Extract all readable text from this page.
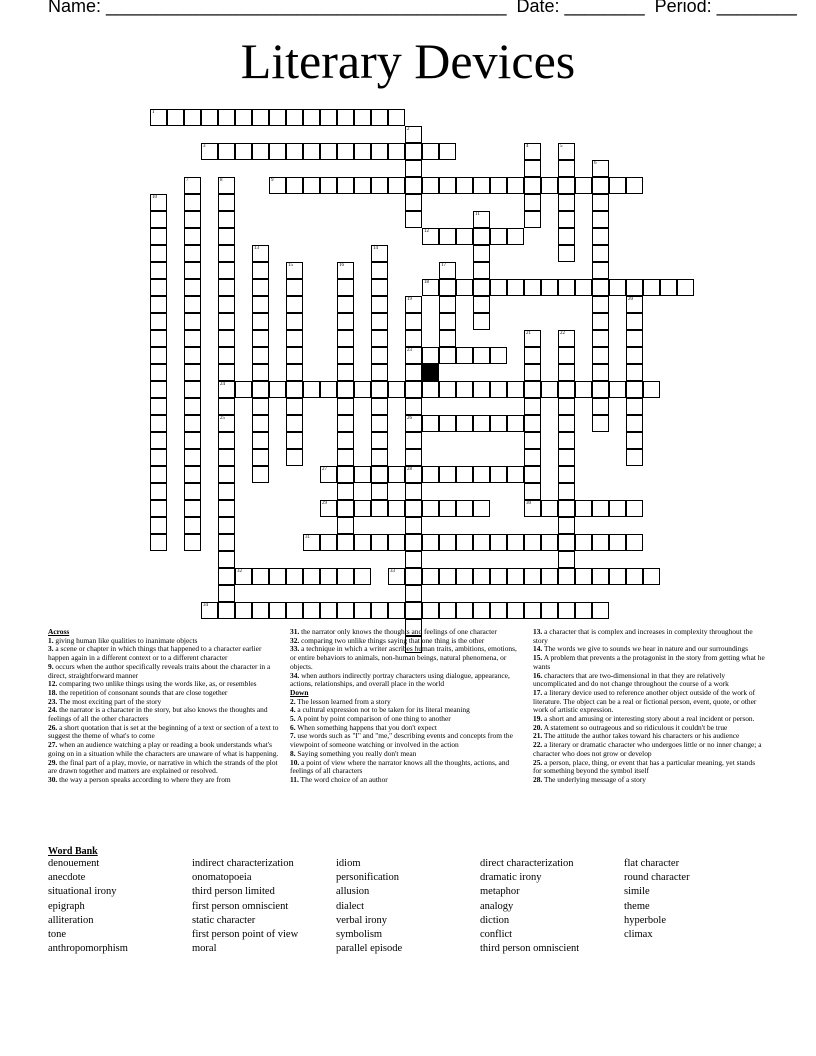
Name: ________________________________________ Date: ________ Period: ________
Literary Devices
1
2
3	4	5
6
7	8	9
10
11
12
13	14
15	16	17
18
19	20
21	22
23
24
25	26
27	28
29	30
31
32	33
34
Across
1. giving human like qualities to inanimate objects
3. a scene or chapter in which things that happened to a character earlier happen again in a different context or to a different character
9. occurs when the author specifically reveals traits about the character in a direct, straightforward manner
12. comparing two unlike things using the words like, as, or resembles
18. the repetition of consonant sounds that are close together
23. The most exciting part of the story
24. the narrator is a character in the story, but also knows the thoughts and feelings of all the other characters
26. a short quotation that is set at the beginning of a text or section of a text to suggest the theme of what's to come
27. when an audience watching a play or reading a book understands what's going on in a situation while the characters are unaware of what is happening.
29. the final part of a play, movie, or narrative in which the strands of the plot are drawn together and matters are explained or resolved.
30. the way a person speaks according to where they are from
31. the narrator only knows the thoughts and feelings of one character
32. comparing two unlike things saying that one thing is the other
33. a technique in which a writer ascribes human traits, ambitions, emotions, or entire behaviors to animals, non-human beings, natural phenomena, or objects.
34. when authors indirectly portray characters using dialogue, appearance, actions, relationships, and overall place in the world
Down
2. The lesson learned from a story
4. a cultural expression not to be taken for its literal meaning
5. A point by point comparison of one thing to another
6. When something happens that you don't expect
7. use words such as "I" and "me," describing events and concepts from the viewpoint of someone watching or involved in the action
8. Saying something you really don't mean
10. a point of view where the narrator knows all the thoughts, actions, and feelings of all characters
11. The word choice of an author
13. a character that is complex and increases in complexity throughout the story
14. The words we give to sounds we hear in nature and our surroundings
15. A problem that prevents a the protagonist in the story from getting what he wants
16. characters that are two-dimensional in that they are relatively uncomplicated and do not change throughout the course of a work
17. a literary device used to reference another object outside of the work of literature. The object can be a real or fictional person, event, quote, or other work of artistic expression.
19. a short and amusing or interesting story about a real incident or person.
20. A statement so outrageous and so ridiculous it couldn't be true
21. The attitude the author takes toward his characters or his audience
22. a literary or dramatic character who undergoes little or no inner change; a character who does not grow or develop
25. a person, place, thing, or event that has a particular meaning, yet stands for something beyond the symbol itself
28. The underlying message of a story
Word Bank
denouement	indirect characterization	idiom	direct characterization	flat character
anecdote	onomatopoeia	personification	dramatic irony	round character
situational irony	third person limited	allusion	metaphor	simile
epigraph	first person omniscient	dialect	analogy	theme
alliteration	static character	verbal irony	diction	hyperbole
tone	first person point of view	symbolism	conflict	climax
anthropomorphism	moral	parallel episode	third person omniscient
